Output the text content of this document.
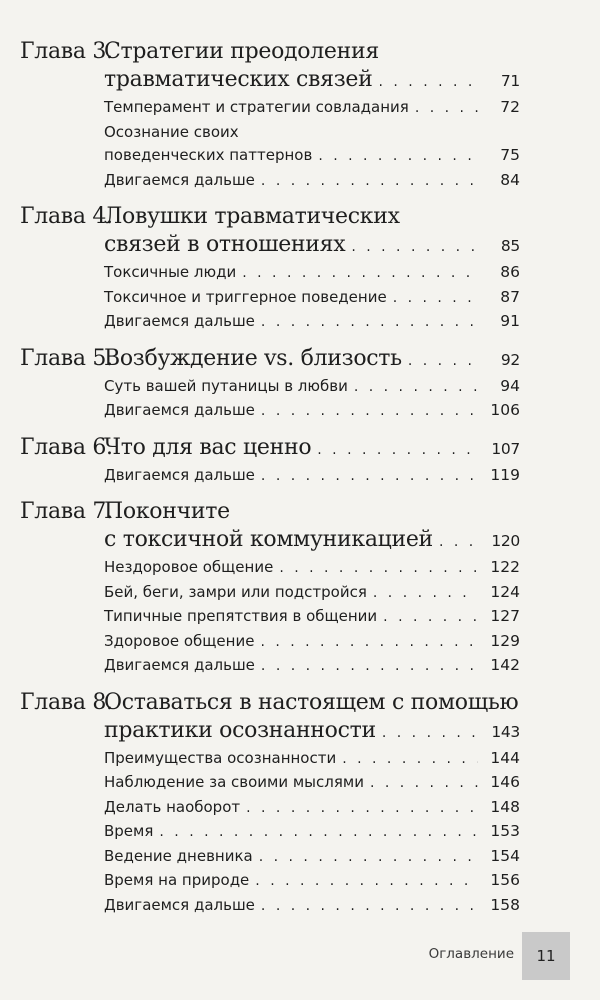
Глава 3.
Стратегии преодоления
травматических связей . . .	71
Темперамент и стратегии совладания . . .	72
Осознание своих
поведенческих паттернов . . .	75
Двигаемся дальше . . .	84
Глава 4.
Ловушки травматических
связей в отношениях . . .	85
Токсичные люди . . .	86
Токсичное и триггерное поведение . . .	87
Двигаемся дальше . . .	91
Глава 5.
Возбуждение vs. близость . . .	92
Суть вашей путаницы в любви . . .	94
Двигаемся дальше . . .	106
Глава 6.
Что для вас ценно . . .	107
Двигаемся дальше . . .	119
Глава 7.
Покончите
с токсичной коммуникацией . . .	120
Нездоровое общение . . .	122
Бей, беги, замри или подстройся . . .	124
Типичные препятствия в общении . . .	127
Здоровое общение . . .	129
Двигаемся дальше . . .	142
Глава 8.
Оставаться в настоящем с помощью
практики осознанности . . .	143
Преимущества осознанности . . .	144
Наблюдение за своими мыслями . . .	146
Делать наоборот . . .	148
Время . . .	153
Ведение дневника . . .	154
Время на природе . . .	156
Двигаемся дальше . . .	158
Оглавление 11
